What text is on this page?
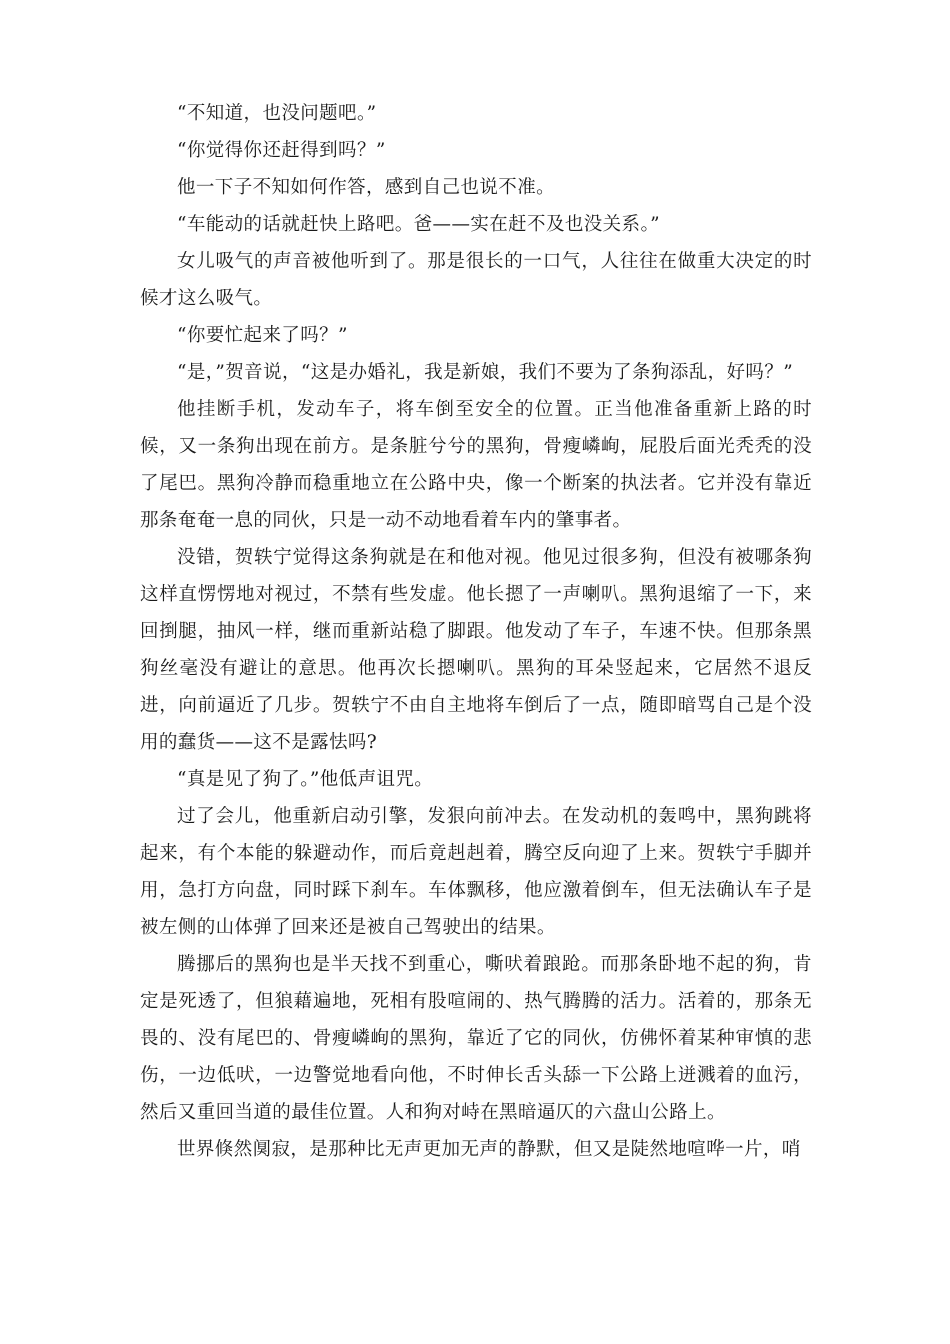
“不知道，也没问题吧。”

“你觉得你还赶得到吗？”

他一下子不知如何作答，感到自己也说不准。

“车能动的话就赶快上路吧。爸——实在赶不及也没关系。”

女儿吸气的声音被他听到了。那是很长的一口气，人往往在做重大决定的时候才这么吸气。

“你要忙起来了吗？”

“是，”贺音说，“这是办婚礼，我是新娘，我们不要为了条狗添乱，好吗？”

他挂断手机，发动车子，将车倒至安全的位置。正当他准备重新上路的时候，又一条狗出现在前方。是条脏兮兮的黑狗，骨瘦嶙峋，屁股后面光秃秃的没了尾巴。黑狗冷静而稳重地立在公路中央，像一个断案的执法者。它并没有靠近那条奄奄一息的同伙，只是一动不动地看着车内的肇事者。

没错，贺轶宁觉得这条狗就是在和他对视。他见过很多狗，但没有被哪条狗这样直愣愣地对视过，不禁有些发虚。他长摁了一声喇叭。黑狗退缩了一下，来回捯腿，抽风一样，继而重新站稳了脚跟。他发动了车子，车速不快。但那条黑狗丝毫没有避让的意思。他再次长摁喇叭。黑狗的耳朵竖起来，它居然不退反进，向前逼近了几步。贺轶宁不由自主地将车倒后了一点，随即暗骂自己是个没用的蠢货——这不是露怯吗?

“真是见了狗了。”他低声诅咒。

过了会儿，他重新启动引擎，发狠向前冲去。在发动机的轰鸣中，黑狗跳将起来，有个本能的躲避动作，而后竟赳赳着，腾空反向迎了上来。贺轶宁手脚并用，急打方向盘，同时踩下刹车。车体飘移，他应激着倒车，但无法确认车子是被左侧的山体弹了回来还是被自己驾驶出的结果。

腾挪后的黑狗也是半天找不到重心，嘶吠着踉跄。而那条卧地不起的狗，肯定是死透了，但狼藉遍地，死相有股喧闹的、热气腾腾的活力。活着的，那条无畏的、没有尾巴的、骨瘦嶙峋的黑狗，靠近了它的同伙，仿佛怀着某种审慎的悲伤，一边低吠，一边警觉地看向他，不时伸长舌头舔一下公路上迸溅着的血污，然后又重回当道的最佳位置。人和狗对峙在黑暗逼仄的六盘山公路上。

世界倏然阒寂，是那种比无声更加无声的静默，但又是陡然地喧哗一片，哨
